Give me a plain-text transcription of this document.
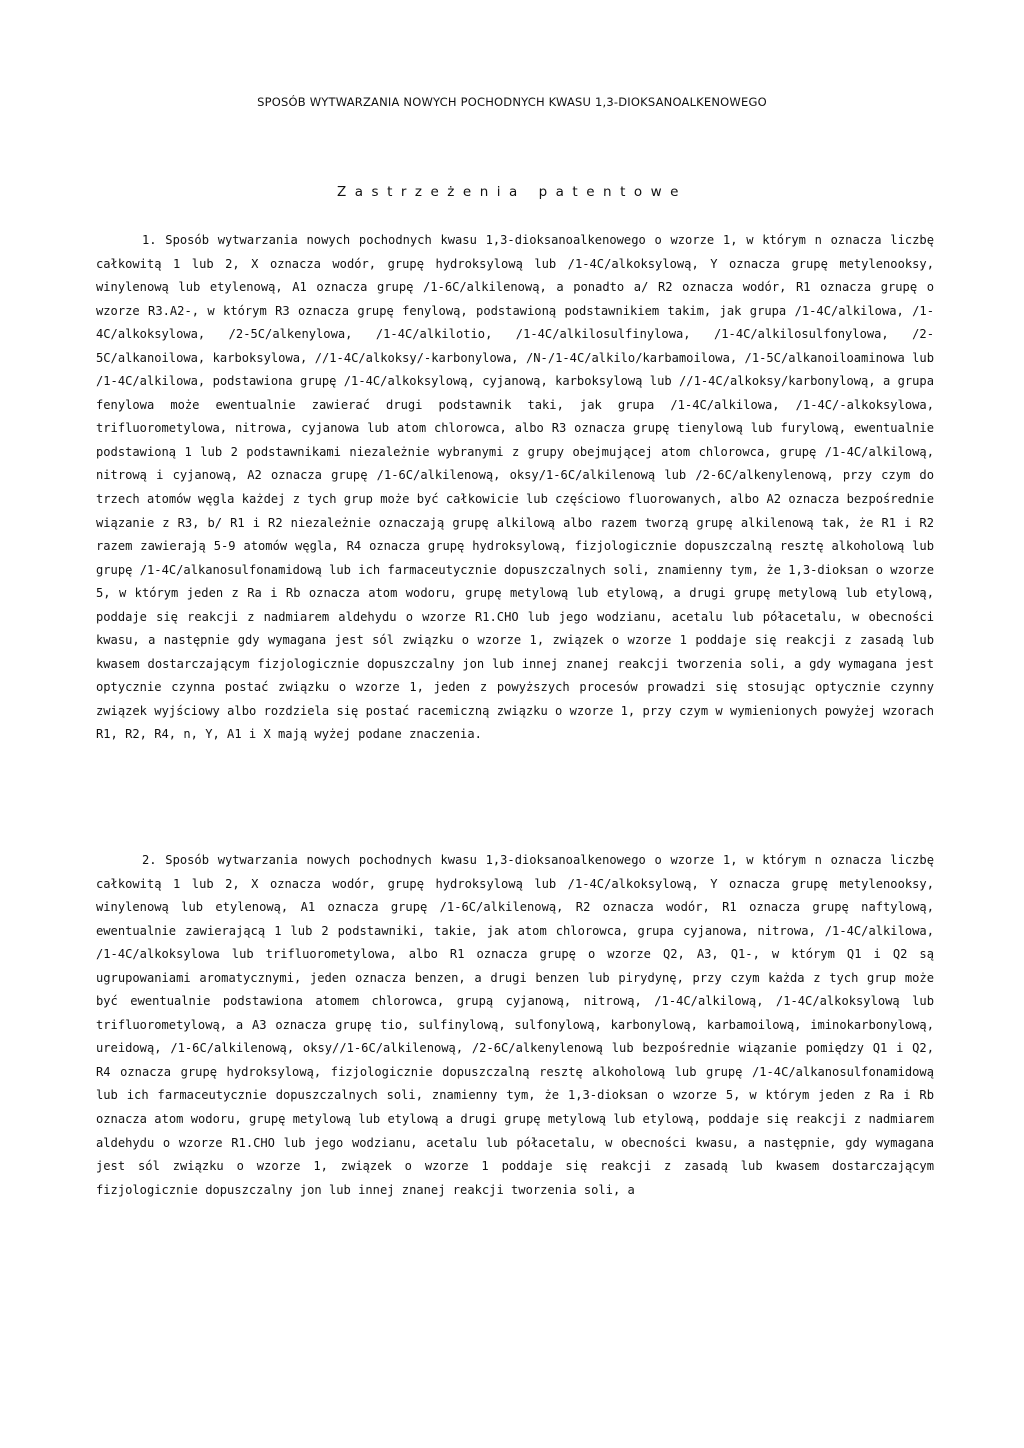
SPOSÓB WYTWARZANIA NOWYCH POCHODNYCH KWASU 1,3-DIOKSANOALKENOWEGO
Zastrzeżenia patentowe

1. Sposób wytwarzania nowych pochodnych kwasu 1,3-dioksanoalkenowego o wzorze 1, w którym n oznacza liczbę całkowitą 1 lub 2, X oznacza wodór, grupę hydroksylową lub /1-4C/alkoksylową, Y oznacza grupę metylenooksy, winylenową lub etylenową, A1 oznacza grupę /1-6C/alkilenową, a ponadto a/ R2 oznacza wodór, R1 oznacza grupę o wzorze R3.A2-, w którym R3 oznacza grupę fenylową, podstawioną podstawnikiem takim, jak grupa /1-4C/alkilowa, /1-4C/alkoksylowa, /2-5C/alkenylowa, /1-4C/alkilotio, /1-4C/alkilosulfinylowa, /1-4C/alkilosulfonylowa, /2-5C/alkanoilowa, karboksylowa, //1-4C/alkoksy/-karbonylowa, /N-/1-4C/alkilo/karbamoilowa, /1-5C/alkanoiloaminowa lub /1-4C/alkilowa, podstawiona grupę /1-4C/alkoksylową, cyjanową, karboksylową lub //1-4C/alkoksy/karbonylową, a grupa fenylowa może ewentualnie zawierać drugi podstawnik taki, jak grupa /1-4C/alkilowa, /1-4C/-alkoksylowa, trifluorometylowa, nitrowa, cyjanowa lub atom chlorowca, albo R3 oznacza grupę tienylową lub furylową, ewentualnie podstawioną 1 lub 2 podstawnikami niezależnie wybranymi z grupy obejmującej atom chlorowca, grupę /1-4C/alkilową, nitrową i cyjanową, A2 oznacza grupę /1-6C/alkilenową, oksy/1-6C/alkilenową lub /2-6C/alkenylenową, przy czym do trzech atomów węgla każdej z tych grup może być całkowicie lub częściowo fluorowanych, albo A2 oznacza bezpośrednie wiązanie z R3, b/ R1 i R2 niezależnie oznaczają grupę alkilową albo razem tworzą grupę alkilenową tak, że R1 i R2 razem zawierają 5-9 atomów węgla, R4 oznacza grupę hydroksylową, fizjologicznie dopuszczalną resztę alkoholową lub grupę /1-4C/alkanosulfonamidową lub ich farmaceutycznie dopuszczalnych soli, znamienny tym, że 1,3-dioksan o wzorze 5, w którym jeden z Ra i Rb oznacza atom wodoru, grupę metylową lub etylową, a drugi grupę metylową lub etylową, poddaje się reakcji z nadmiarem aldehydu o wzorze R1.CHO lub jego wodzianu, acetalu lub półacetalu, w obecności kwasu, a następnie gdy wymagana jest sól związku o wzorze 1, związek o wzorze 1 poddaje się reakcji z zasadą lub kwasem dostarczającym fizjologicznie dopuszczalny jon lub innej znanej reakcji tworzenia soli, a gdy wymagana jest optycznie czynna postać związku o wzorze 1, jeden z powyższych procesów prowadzi się stosując optycznie czynny związek wyjściowy albo rozdziela się postać racemiczną związku o wzorze 1, przy czym w wymienionych powyżej wzorach R1, R2, R4, n, Y, A1 i X mają wyżej podane znaczenia.

2. Sposób wytwarzania nowych pochodnych kwasu 1,3-dioksanoalkenowego o wzorze 1, w którym n oznacza liczbę całkowitą 1 lub 2, X oznacza wodór, grupę hydroksylową lub /1-4C/alkoksylową, Y oznacza grupę metylenooksy, winylenową lub etylenową, A1 oznacza grupę /1-6C/alkilenową, R2 oznacza wodór, R1 oznacza grupę naftylową, ewentualnie zawierającą 1 lub 2 podstawniki, takie, jak atom chlorowca, grupa cyjanowa, nitrowa, /1-4C/alkilowa, /1-4C/alkoksylowa lub trifluorometylowa, albo R1 oznacza grupę o wzorze Q2, A3, Q1-, w którym Q1 i Q2 są ugrupowaniami aromatycznymi, jeden oznacza benzen, a drugi benzen lub pirydynę, przy czym każda z tych grup może być ewentualnie podstawiona atomem chlorowca, grupą cyjanową, nitrową, /1-4C/alkilową, /1-4C/alkoksylową lub trifluorometylową, a A3 oznacza grupę tio, sulfinylową, sulfonylową, karbonylową, karbamoilową, iminokarbonylową, ureidową, /1-6C/alkilenową, oksy//1-6C/alkilenową, /2-6C/alkenylenową lub bezpośrednie wiązanie pomiędzy Q1 i Q2, R4 oznacza grupę hydroksylową, fizjologicznie dopuszczalną resztę alkoholową lub grupę /1-4C/alkanosulfonamidową lub ich farmaceutycznie dopuszczalnych soli, znamienny tym, że 1,3-dioksan o wzorze 5, w którym jeden z Ra i Rb oznacza atom wodoru, grupę metylową lub etylową a drugi grupę metylową lub etylową, poddaje się reakcji z nadmiarem aldehydu o wzorze R1.CHO lub jego wodzianu, acetalu lub półacetalu, w obecności kwasu, a następnie, gdy wymagana jest sól związku o wzorze 1, związek o wzorze 1 poddaje się reakcji z zasadą lub kwasem dostarczającym fizjologicznie dopuszczalny jon lub innej znanej reakcji tworzenia soli, a
